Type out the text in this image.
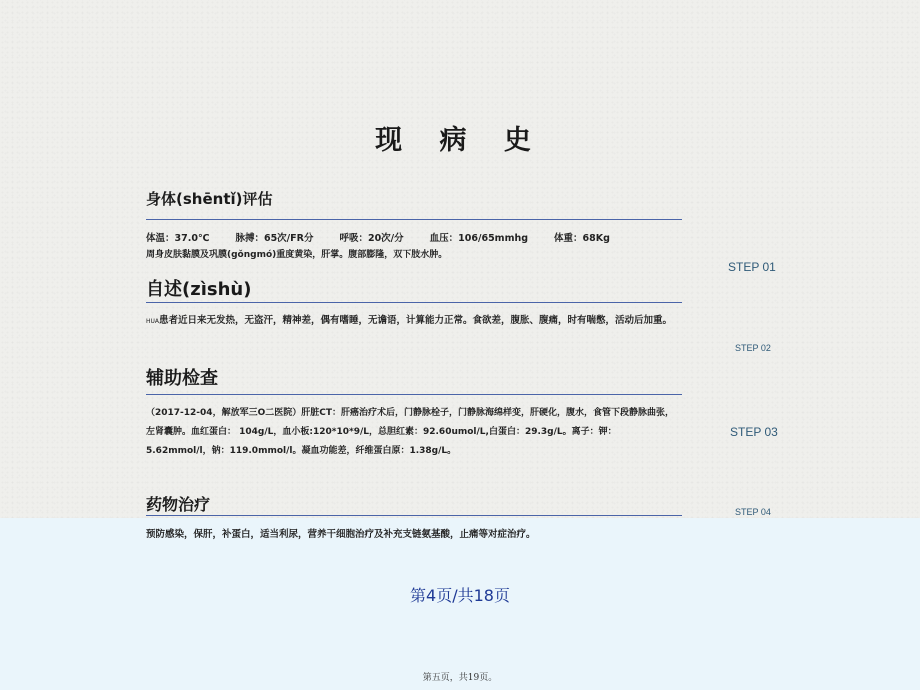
现 病 史
身体(shēntǐ)评估
体温：37.0℃	脉搏：65次/FR分	呼吸：20次/分	血压：106/65mmhg	体重：68Kg
周身皮肤黏膜及巩膜(gǒngmó)重度黄染，肝掌。腹部膨隆，双下肢水肿。
自述(zìshù)
HUA患者近日来无发热，无盗汗，精神差，偶有嗜睡，无谵语，计算能力正常。食欲差，腹胀、腹痛，时有喘憋，活动后加重。
辅助检查
（2017-12-04，解放军三O二医院）肝脏CT：肝癌治疗术后，门静脉栓子，门静脉海绵样变，肝硬化，腹水，食管下段静脉曲张，左肾囊肿。血红蛋白： 104g/L，血小板:120*10*9/L，总胆红素：92.60umol/L,白蛋白：29.3g/L。离子：钾：5.62mmol/l，钠：119.0mmol/l。凝血功能差，纤维蛋白原：1.38g/L。
药物治疗
预防感染，保肝，补蛋白，适当利尿，营养干细胞治疗及补充支链氨基酸，止痛等对症治疗。
STEP 01
STEP 02
STEP 03
STEP 04
第4页/共18页
第五页，共19页。
